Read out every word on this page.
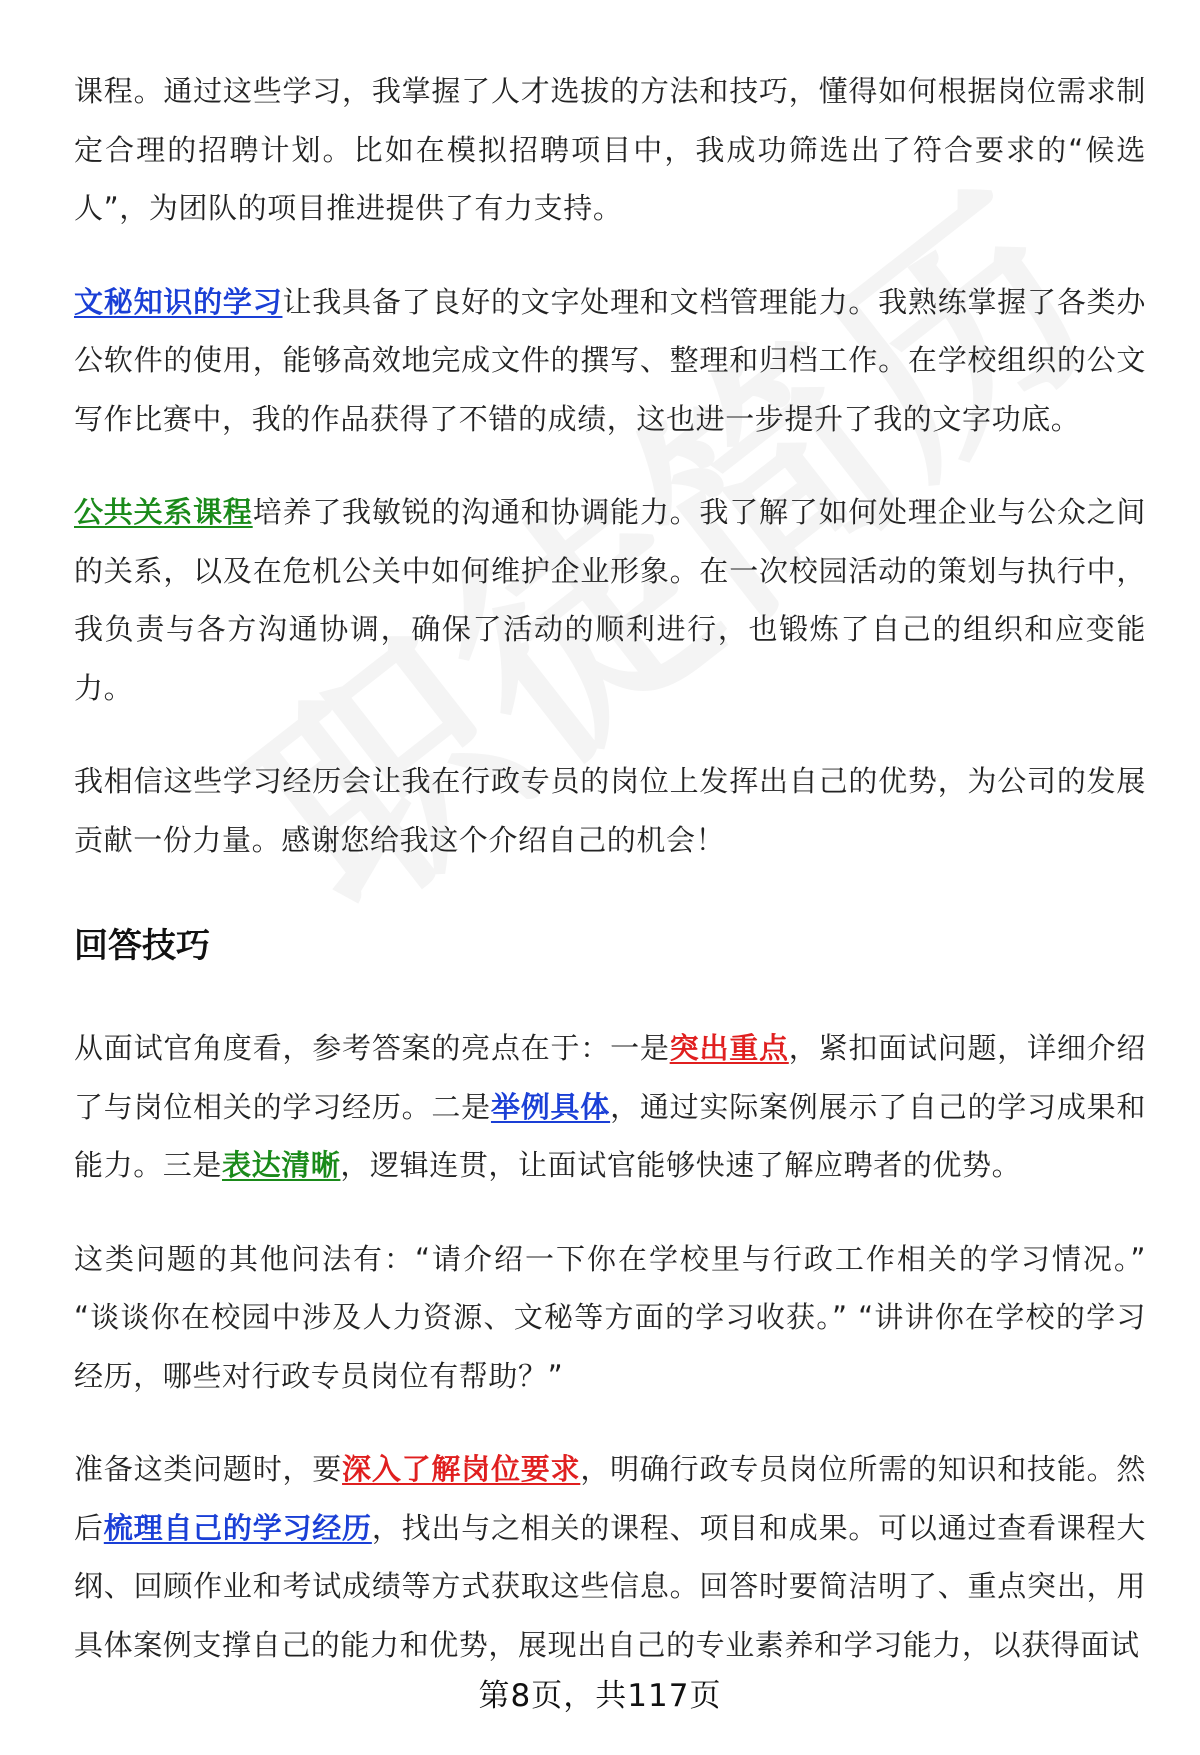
课程。通过这些学习，我掌握了人才选拔的方法和技巧，懂得如何根据岗位需求制定合理的招聘计划。比如在模拟招聘项目中，我成功筛选出了符合要求的“候选人”，为团队的项目推进提供了有力支持。

文秘知识的学习让我具备了良好的文字处理和文档管理能力。我熟练掌握了各类办公软件的使用，能够高效地完成文件的撰写、整理和归档工作。在学校组织的公文写作比赛中，我的作品获得了不错的成绩，这也进一步提升了我的文字功底。

公共关系课程培养了我敏锐的沟通和协调能力。我了解了如何处理企业与公众之间的关系，以及在危机公关中如何维护企业形象。在一次校园活动的策划与执行中，我负责与各方沟通协调，确保了活动的顺利进行，也锻炼了自己的组织和应变能力。

我相信这些学习经历会让我在行政专员的岗位上发挥出自己的优势，为公司的发展贡献一份力量。感谢您给我这个介绍自己的机会！

回答技巧

从面试官角度看，参考答案的亮点在于：一是突出重点，紧扣面试问题，详细介绍了与岗位相关的学习经历。二是举例具体，通过实际案例展示了自己的学习成果和能力。三是表达清晰，逻辑连贯，让面试官能够快速了解应聘者的优势。

这类问题的其他问法有：“请介绍一下你在学校里与行政工作相关的学习情况。” “谈谈你在校园中涉及人力资源、文秘等方面的学习收获。” “讲讲你在学校的学习经历，哪些对行政专员岗位有帮助？”

准备这类问题时，要深入了解岗位要求，明确行政专员岗位所需的知识和技能。然后梳理自己的学习经历，找出与之相关的课程、项目和成果。可以通过查看课程大纲、回顾作业和考试成绩等方式获取这些信息。回答时要简洁明了、重点突出，用具体案例支撑自己的能力和优势，展现出自己的专业素养和学习能力，以获得面试

第8页，共117页
